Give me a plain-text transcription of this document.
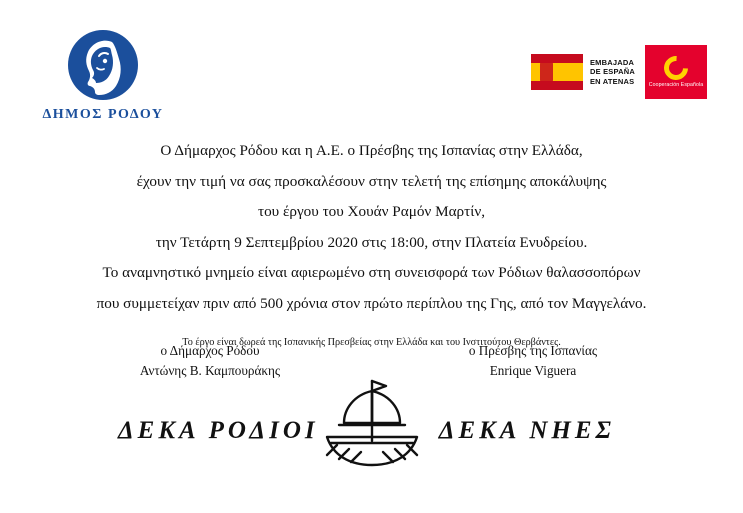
ΔΗΜΟΣ ΡΟΔΟΥ
EMBAJADA
DE ESPAÑA
EN ATENAS	Cooperación Española

Ο Δήμαρχος Ρόδου και η Α.Ε. ο Πρέσβης της Ισπανίας στην Ελλάδα,

έχουν την τιμή να σας προσκαλέσουν στην τελετή της επίσημης αποκάλυψης

του έργου του Χουάν Ραμόν Μαρτίν,

την Τετάρτη 9 Σεπτεμβρίου 2020 στις 18:00, στην Πλατεία Ενυδρείου.

Το αναμνηστικό μνημείο είναι αφιερωμένο στη συνεισφορά των Ρόδιων θαλασσοπόρων

που συμμετείχαν πριν από 500 χρόνια στον πρώτο περίπλου της Γης, από τον Μαγγελάνο.

Το έργο είναι δωρεά της Ισπανικής Πρεσβείας στην Ελλάδα και του Ινστιτούτου Θερβάντες.

ο Δήμαρχος Ρόδου
Αντώνης Β. Καμπουράκης
ο Πρέσβης της Ισπανίας
Enrique Viguera
ΔΕΚΑ ΡΟΔΙΟΙ	ΔΕΚΑ ΝΗΕΣ
